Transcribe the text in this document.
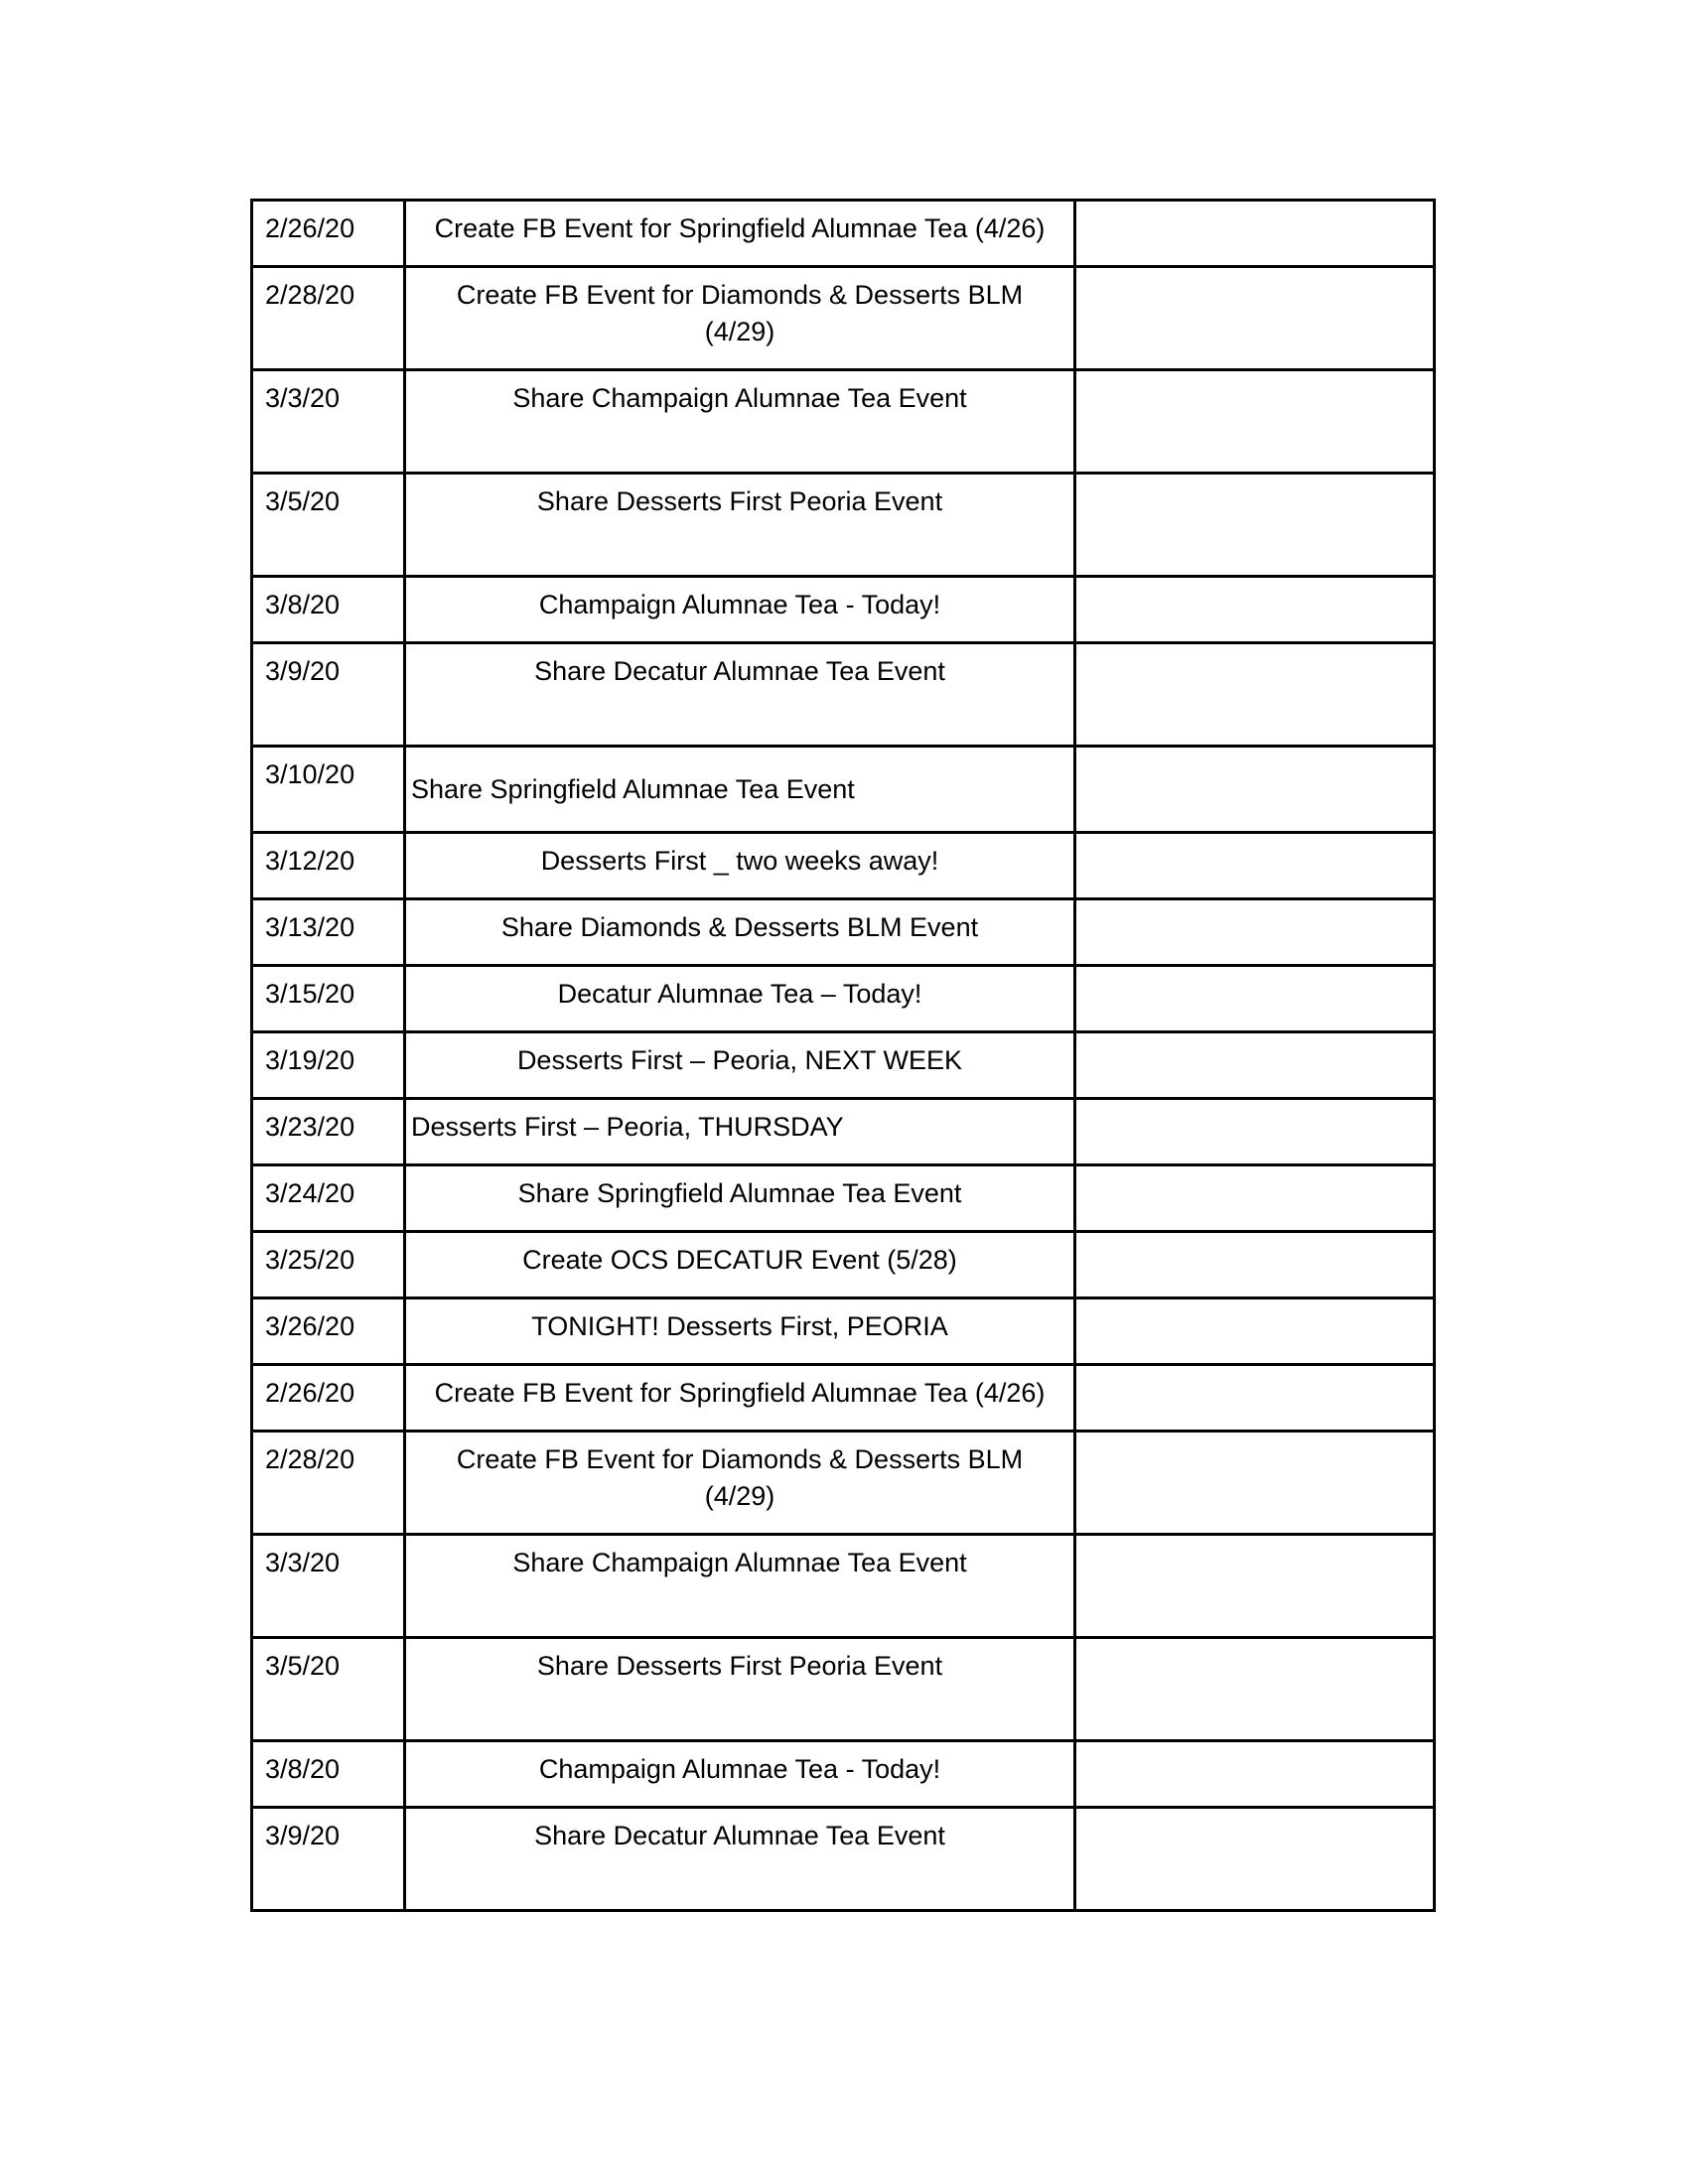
2/26/20	Create FB Event for Springfield Alumnae Tea (4/26)	
2/28/20	Create FB Event for Diamonds & Desserts BLM (4/29)	
3/3/20	Share Champaign Alumnae Tea Event	
3/5/20	Share Desserts First Peoria Event	
3/8/20	Champaign Alumnae Tea - Today!	
3/9/20	Share Decatur Alumnae Tea Event	
3/10/20	Share Springfield Alumnae Tea Event	
3/12/20	Desserts First _ two weeks away!	
3/13/20	Share Diamonds & Desserts BLM Event	
3/15/20	Decatur Alumnae Tea – Today!	
3/19/20	Desserts First – Peoria, NEXT WEEK	
3/23/20	Desserts First – Peoria, THURSDAY	
3/24/20	Share Springfield Alumnae Tea Event	
3/25/20	Create OCS DECATUR Event (5/28)	
3/26/20	TONIGHT! Desserts First, PEORIA	
2/26/20	Create FB Event for Springfield Alumnae Tea (4/26)	
2/28/20	Create FB Event for Diamonds & Desserts BLM (4/29)	
3/3/20	Share Champaign Alumnae Tea Event	
3/5/20	Share Desserts First Peoria Event	
3/8/20	Champaign Alumnae Tea - Today!	
3/9/20	Share Decatur Alumnae Tea Event	
